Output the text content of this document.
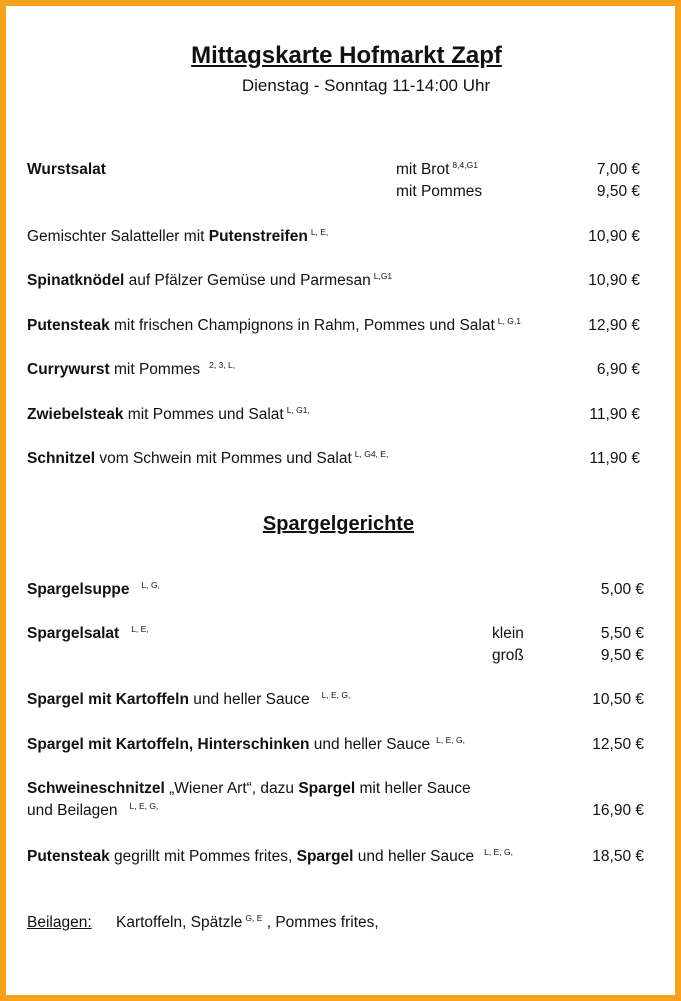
Mittagskarte Hofmarkt Zapf
Dienstag - Sonntag 11-14:00 Uhr
Wurstsalat	mit Brot $^{8,4,G1}$	7,00 €
mit Pommes	9,50 €
Gemischter Salatteller mit Putenstreifen $^{L, E,}$	10,90 €
Spinatknödel auf Pfälzer Gemüse und Parmesan $^{L,G1}$	10,90 €
Putensteak mit frischen Champignons in Rahm, Pommes und Salat $^{L, G,1}$	12,90 €
Currywurst mit Pommes $^{2, 3, L,}$	6,90 €
Zwiebelsteak mit Pommes und Salat $^{L, G1,}$	11,90 €
Schnitzel vom Schwein mit Pommes und Salat $^{L, G4, E,}$	11,90 €
Spargelgerichte
Spargelsuppe $^{L, G,}$	5,00 €
Spargelsalat $^{L, E,}$	klein	5,50 €
groß	9,50 €
Spargel mit Kartoffeln und heller Sauce $^{L, E, G,}$	10,50 €
Spargel mit Kartoffeln, Hinterschinken und heller Sauce $^{L, E, G,}$	12,50 €
Schweineschnitzel „Wiener Art“, dazu Spargel mit heller Sauce
und Beilagen $^{L, E, G,}$	16,90 €
Putensteak gegrillt mit Pommes frites, Spargel und heller Sauce $^{L, E, G,}$	18,50 €
Beilagen: Kartoffeln, Spätzle $^{G, E}$ , Pommes frites,
